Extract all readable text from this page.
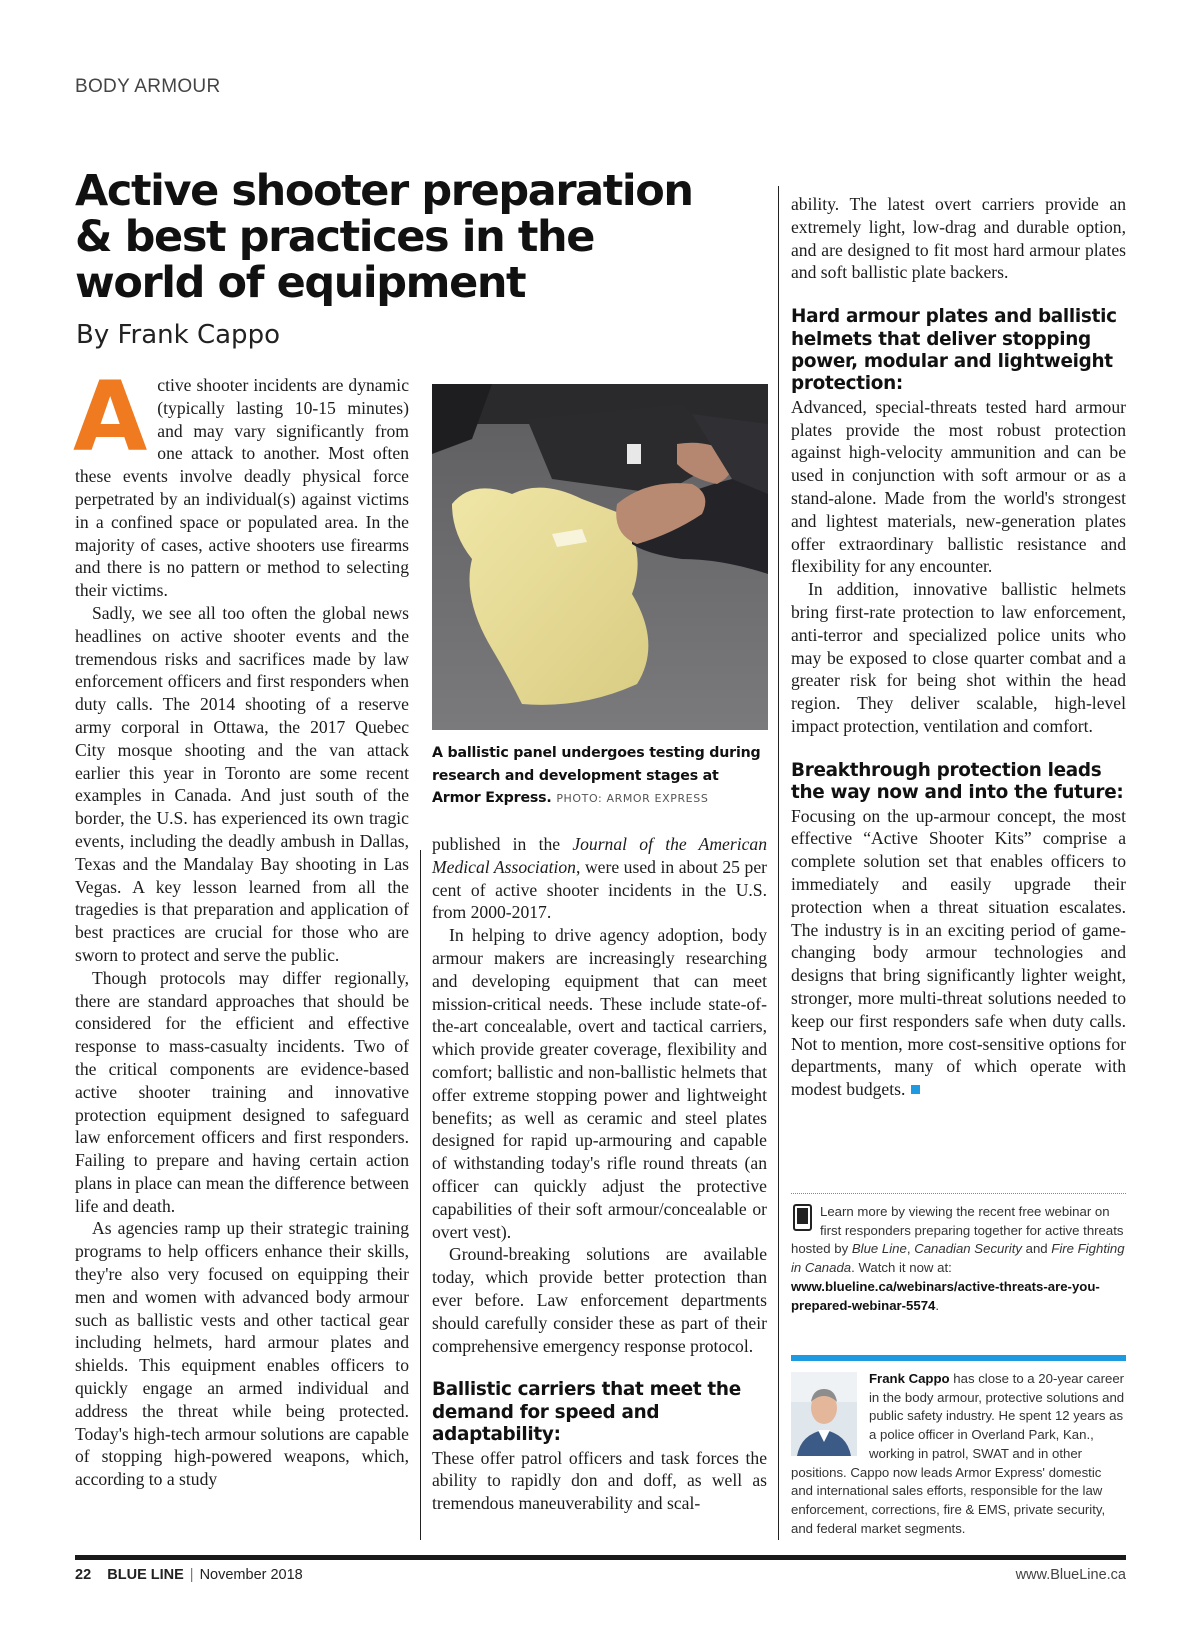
BODY ARMOUR
Active shooter preparation & best practices in the world of equipment
By Frank Cappo

Active shooter incidents are dynamic (typically lasting 10-15 minutes) and may vary significantly from one attack to another. Most often these events involve deadly physical force perpetrated by an individual(s) against victims in a confined space or populated area. In the majority of cases, active shooters use firearms and there is no pattern or method to selecting their victims.

Sadly, we see all too often the global news headlines on active shooter events and the tremendous risks and sacrifices made by law enforcement officers and first responders when duty calls. The 2014 shooting of a reserve army corporal in Ottawa, the 2017 Quebec City mosque shooting and the van attack earlier this year in Toronto are some recent examples in Canada. And just south of the border, the U.S. has experienced its own tragic events, including the deadly ambush in Dallas, Texas and the Mandalay Bay shooting in Las Vegas. A key lesson learned from all the tragedies is that preparation and application of best practices are crucial for those who are sworn to protect and serve the public.

Though protocols may differ regionally, there are standard approaches that should be considered for the efficient and effective response to mass-casualty incidents. Two of the critical components are evidence-based active shooter training and innovative protection equipment designed to safeguard law enforcement officers and first responders. Failing to prepare and having certain action plans in place can mean the difference between life and death.

As agencies ramp up their strategic training programs to help officers enhance their skills, they're also very focused on equipping their men and women with advanced body armour such as ballistic vests and other tactical gear including helmets, hard armour plates and shields. This equipment enables officers to quickly engage an armed individual and address the threat while being protected. Today's high-tech armour solutions are capable of stopping high-powered weapons, which, according to a study

A ballistic panel undergoes testing during research and development stages at Armor Express. PHOTO: ARMOR EXPRESS

published in the Journal of the American Medical Association, were used in about 25 per cent of active shooter incidents in the U.S. from 2000-2017.

In helping to drive agency adoption, body armour makers are increasingly researching and developing equipment that can meet mission-critical needs. These include state-of-the-art concealable, overt and tactical carriers, which provide greater coverage, flexibility and comfort; ballistic and non-ballistic helmets that offer extreme stopping power and lightweight benefits; as well as ceramic and steel plates designed for rapid up-armouring and capable of withstanding today's rifle round threats (an officer can quickly adjust the protective capabilities of their soft armour/concealable or overt vest).

Ground-breaking solutions are available today, which provide better protection than ever before. Law enforcement departments should carefully consider these as part of their comprehensive emergency response protocol.

Ballistic carriers that meet the demand for speed and adaptability:

These offer patrol officers and task forces the ability to rapidly don and doff, as well as tremendous maneuverability and scal-

ability. The latest overt carriers provide an extremely light, low-drag and durable option, and are designed to fit most hard armour plates and soft ballistic plate backers.

Hard armour plates and ballistic helmets that deliver stopping power, modular and lightweight protection:

Advanced, special-threats tested hard armour plates provide the most robust protection against high-velocity ammunition and can be used in conjunction with soft armour or as a stand-alone. Made from the world's strongest and lightest materials, new-generation plates offer extraordinary ballistic resistance and flexibility for any encounter.

In addition, innovative ballistic helmets bring first-rate protection to law enforcement, anti-terror and specialized police units who may be exposed to close quarter combat and a greater risk for being shot within the head region. They deliver scalable, high-level impact protection, ventilation and comfort.

Breakthrough protection leads the way now and into the future:

Focusing on the up-armour concept, the most effective “Active Shooter Kits” comprise a complete solution set that enables officers to immediately and easily upgrade their protection when a threat situation escalates. The industry is in an exciting period of game-changing body armour technologies and designs that bring significantly lighter weight, stronger, more multi-threat solutions needed to keep our first responders safe when duty calls. Not to mention, more cost-sensitive options for departments, many of which operate with modest budgets.

Learn more by viewing the recent free webinar on first responders preparing together for active threats hosted by Blue Line, Canadian Security and Fire Fighting in Canada. Watch it now at: www.blueline.ca/webinars/active-threats-are-you-prepared-webinar-5574.
Frank Cappo has close to a 20-year career in the body armour, protective solutions and public safety industry. He spent 12 years as a police officer in Overland Park, Kan., working in patrol, SWAT and in other positions. Cappo now leads Armor Express' domestic and international sales efforts, responsible for the law enforcement, corrections, fire & EMS, private security, and federal market segments.
22 BLUE LINE | November 2018	www.BlueLine.ca
